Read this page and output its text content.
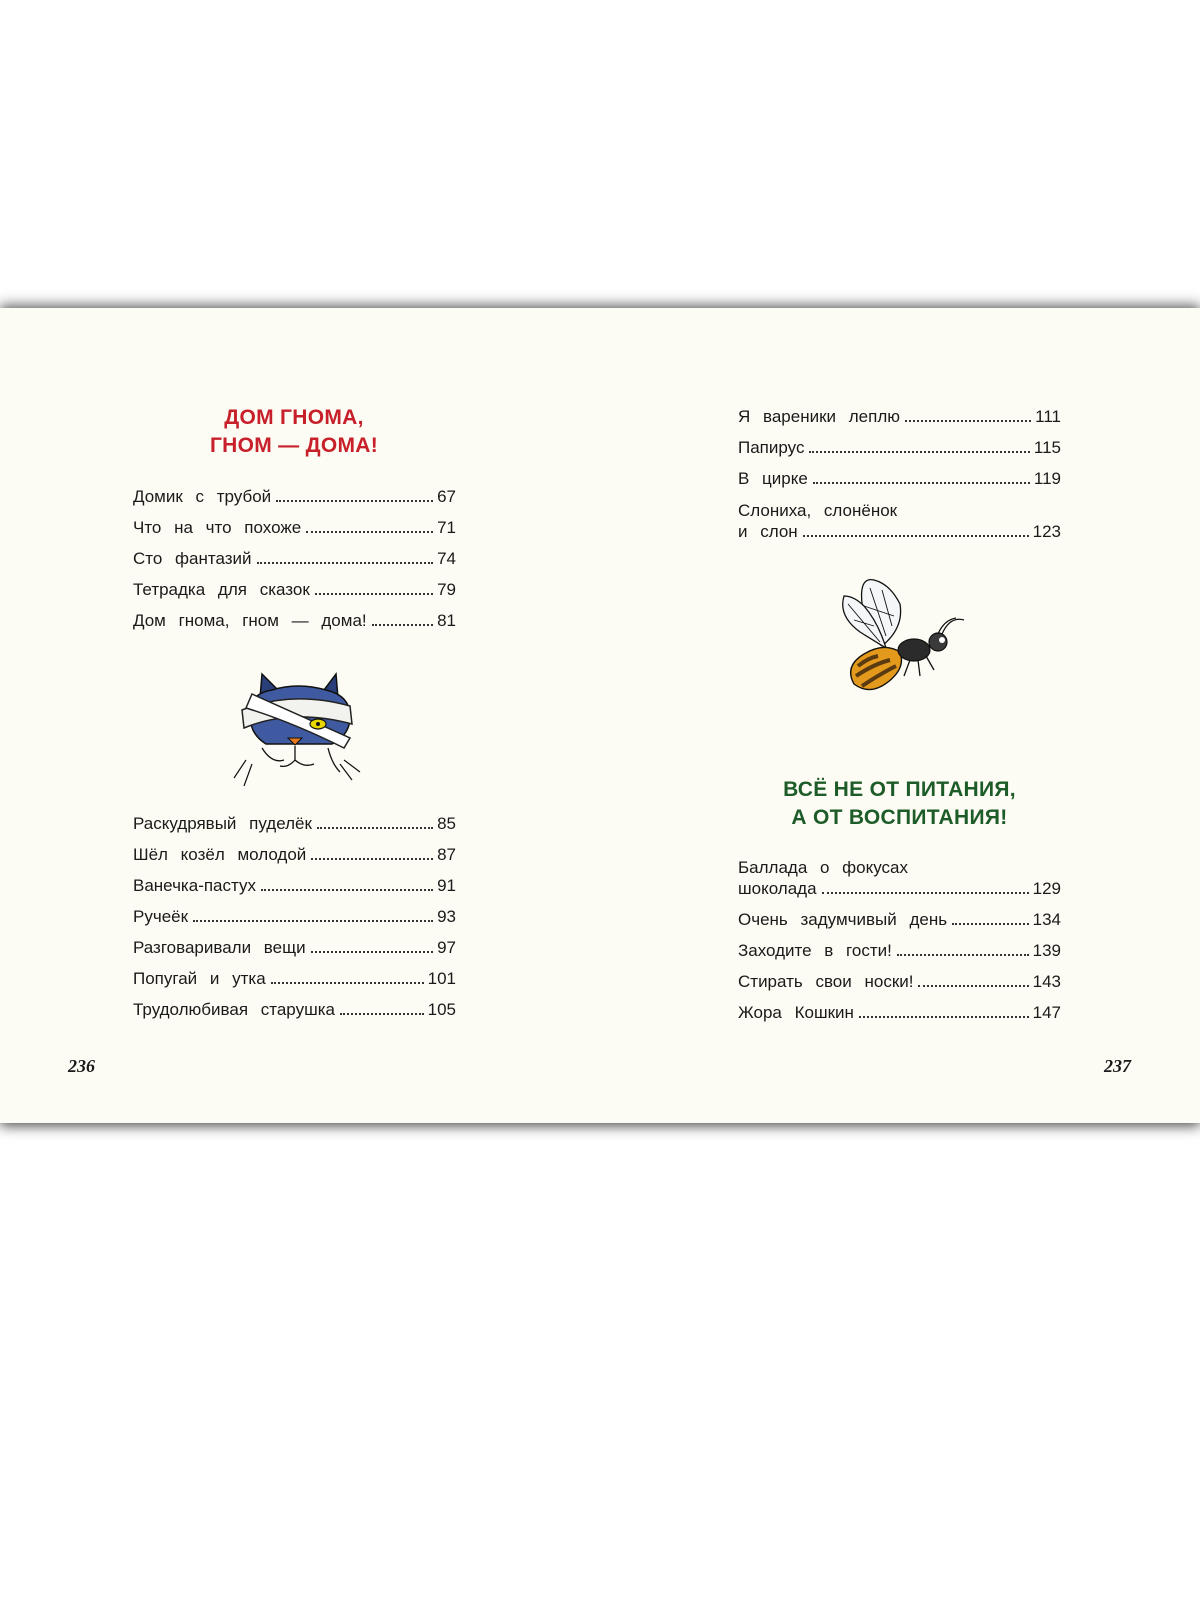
ДОМ ГНОМА,
ГНОМ — ДОМА!
Домик с трубой	67
Что на что похоже	71
Сто фантазий	74
Тетрадка для сказок	79
Дом гнома, гном — дома!	81
Раскудрявый пуделёк	85
Шёл козёл молодой	87
Ванечка-пастух	91
Ручеёк	93
Разговаривали вещи	97
Попугай и утка	101
Трудолюбивая старушка	105
236
Я вареники леплю	111
Папирус	115
В цирке	119
Слониха, слонёнок
и слон	123
ВСЁ НЕ ОТ ПИТАНИЯ,
А ОТ ВОСПИТАНИЯ!
Баллада о фокусах
шоколада	129
Очень задумчивый день	134
Заходите в гости!	139
Стирать свои носки!	143
Жора Кошкин	147
237
